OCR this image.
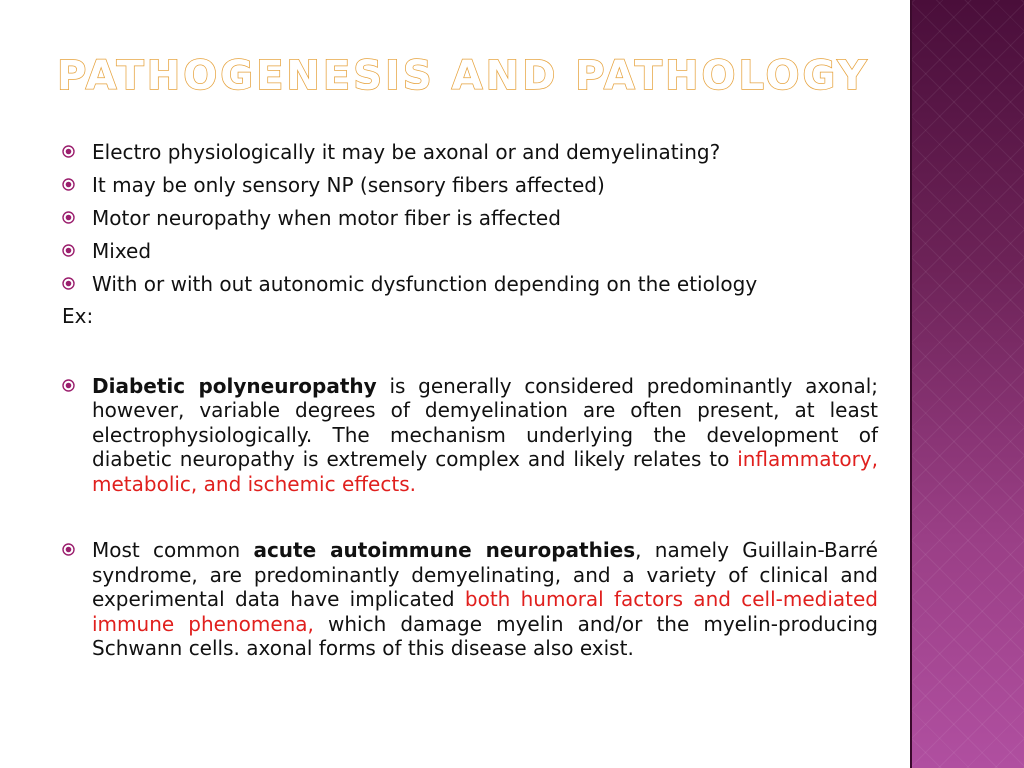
PATHOGENESIS AND PATHOLOGY
Electro physiologically it may be axonal or and demyelinating?
It may be only sensory NP (sensory fibers affected)
Motor neuropathy when motor fiber is affected
Mixed
With or with out autonomic dysfunction depending on the etiology

Ex:

Diabetic polyneuropathy is generally considered predominantly axonal; however, variable degrees of demyelination are often present, at least electrophysiologically. The mechanism underlying the development of diabetic neuropathy is extremely complex and likely relates to inflammatory, metabolic, and ischemic effects.
Most common acute autoimmune neuropathies, namely Guillain-Barré syndrome, are predominantly demyelinating, and a variety of clinical and experimental data have implicated both humoral factors and cell-mediated immune phenomena, which damage myelin and/or the myelin-producing Schwann cells. axonal forms of this disease also exist.
